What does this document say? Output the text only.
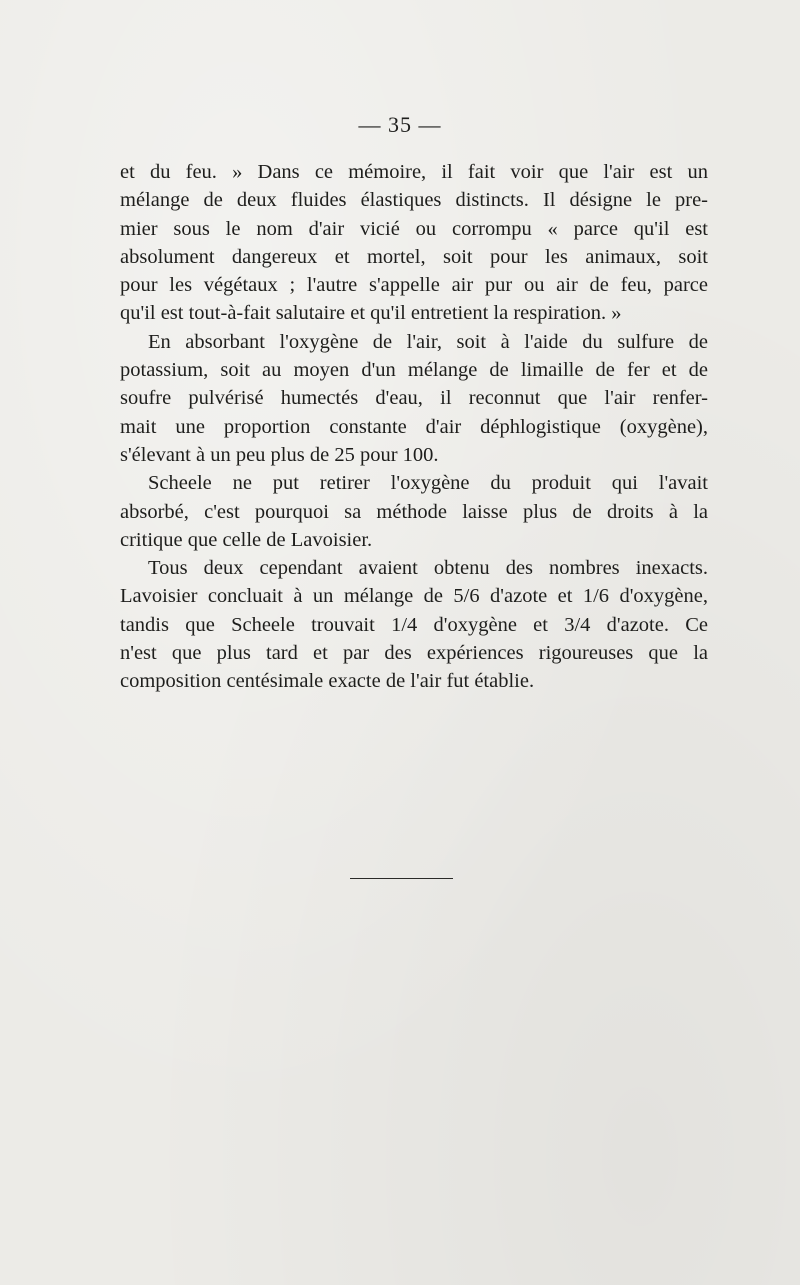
— 35 —
et du feu. » Dans ce mémoire, il fait voir que l'air est un
mélange de deux fluides élastiques distincts. Il désigne le pre-
mier sous le nom d'air vicié ou corrompu « parce qu'il est
absolument dangereux et mortel, soit pour les animaux, soit
pour les végétaux ; l'autre s'appelle air pur ou air de feu, parce
qu'il est tout-à-fait salutaire et qu'il entretient la respiration. »
En absorbant l'oxygène de l'air, soit à l'aide du sulfure de
potassium, soit au moyen d'un mélange de limaille de fer et de
soufre pulvérisé humectés d'eau, il reconnut que l'air renfer-
mait une proportion constante d'air déphlogistique (oxygène),
s'élevant à un peu plus de 25 pour 100.
Scheele ne put retirer l'oxygène du produit qui l'avait
absorbé, c'est pourquoi sa méthode laisse plus de droits à la
critique que celle de Lavoisier.
Tous deux cependant avaient obtenu des nombres inexacts.
Lavoisier concluait à un mélange de 5/6 d'azote et 1/6 d'oxygène,
tandis que Scheele trouvait 1/4 d'oxygène et 3/4 d'azote. Ce
n'est que plus tard et par des expériences rigoureuses que la
composition centésimale exacte de l'air fut établie.
